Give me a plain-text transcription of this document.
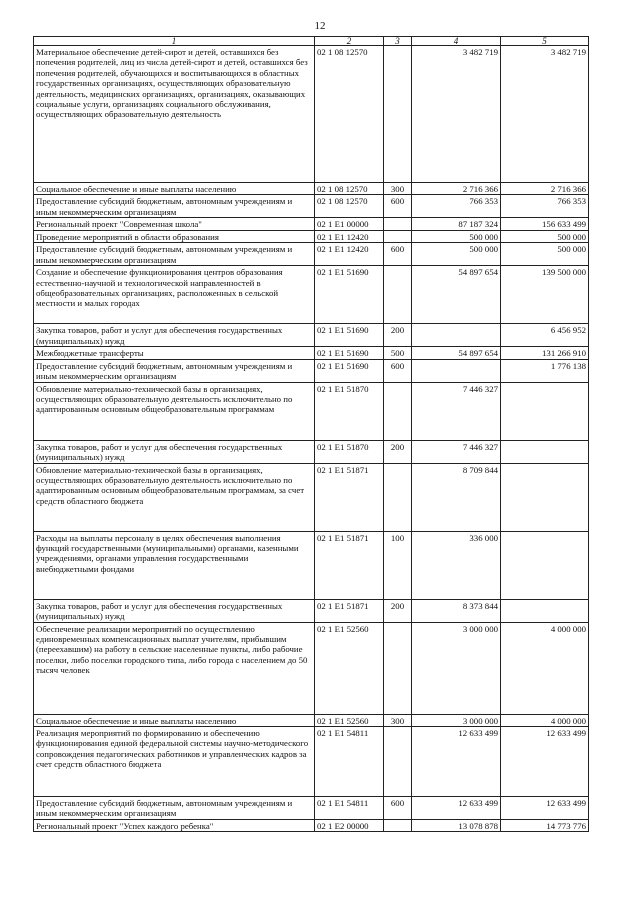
12
1	2	3	4	5
Материальное обеспечение детей-сирот и детей, оставшихся без попечения родителей, лиц из числа детей-сирот и детей, оставшихся без попечения родителей, обучающихся и воспитывающихся в областных государственных организациях, осуществляющих образовательную деятельность, медицинских организациях, организациях, оказывающих социальные услуги, организациях социального обслуживания, осуществляющих образовательную деятельность	02 1 08 12570		3 482 719	3 482 719
Социальное обеспечение и иные выплаты населению	02 1 08 12570	300	2 716 366	2 716 366
Предоставление субсидий бюджетным, автономным учреждениям и иным некоммерческим организациям	02 1 08 12570	600	766 353	766 353
Региональный проект "Современная школа"	02 1 E1 00000		87 187 324	156 633 499
Проведение мероприятий в области образования	02 1 E1 12420		500 000	500 000
Предоставление субсидий бюджетным, автономным учреждениям и иным некоммерческим организациям	02 1 E1 12420	600	500 000	500 000
Создание и обеспечение функционирования центров образования естественно-научной и технологической направленностей в общеобразовательных организациях, расположенных в сельской местности и малых городах	02 1 E1 51690		54 897 654	139 500 000
Закупка товаров, работ и услуг для обеспечения государственных (муниципальных) нужд	02 1 E1 51690	200		6 456 952
Межбюджетные трансферты	02 1 E1 51690	500	54 897 654	131 266 910
Предоставление субсидий бюджетным, автономным учреждениям и иным некоммерческим организациям	02 1 E1 51690	600		1 776 138
Обновление материально-технической базы в организациях, осуществляющих образовательную деятельность исключительно по адаптированным основным общеобразовательным программам	02 1 E1 51870		7 446 327	
Закупка товаров, работ и услуг для обеспечения государственных (муниципальных) нужд	02 1 E1 51870	200	7 446 327	
Обновление материально-технической базы в организациях, осуществляющих образовательную деятельность исключительно по адаптированным основным общеобразовательным программам, за счет средств областного бюджета	02 1 E1 51871		8 709 844	
Расходы на выплаты персоналу в целях обеспечения выполнения функций государственными (муниципальными) органами, казенными учреждениями, органами управления государственными внебюджетными фондами	02 1 E1 51871	100	336 000	
Закупка товаров, работ и услуг для обеспечения государственных (муниципальных) нужд	02 1 E1 51871	200	8 373 844	
Обеспечение реализации мероприятий по осуществлению единовременных компенсационных выплат учителям, прибывшим (переехавшим) на работу в сельские населенные пункты, либо рабочие поселки, либо поселки городского типа, либо города с населением до 50 тысяч человек	02 1 E1 52560		3 000 000	4 000 000
Социальное обеспечение и иные выплаты населению	02 1 E1 52560	300	3 000 000	4 000 000
Реализация мероприятий по формированию и обеспечению функционирования единой федеральной системы научно-методического сопровождения педагогических работников и управленческих кадров за счет средств областного бюджета	02 1 E1 54811		12 633 499	12 633 499
Предоставление субсидий бюджетным, автономным учреждениям и иным некоммерческим организациям	02 1 E1 54811	600	12 633 499	12 633 499
Региональный проект "Успех каждого ребенка"	02 1 E2 00000		13 078 878	14 773 776
